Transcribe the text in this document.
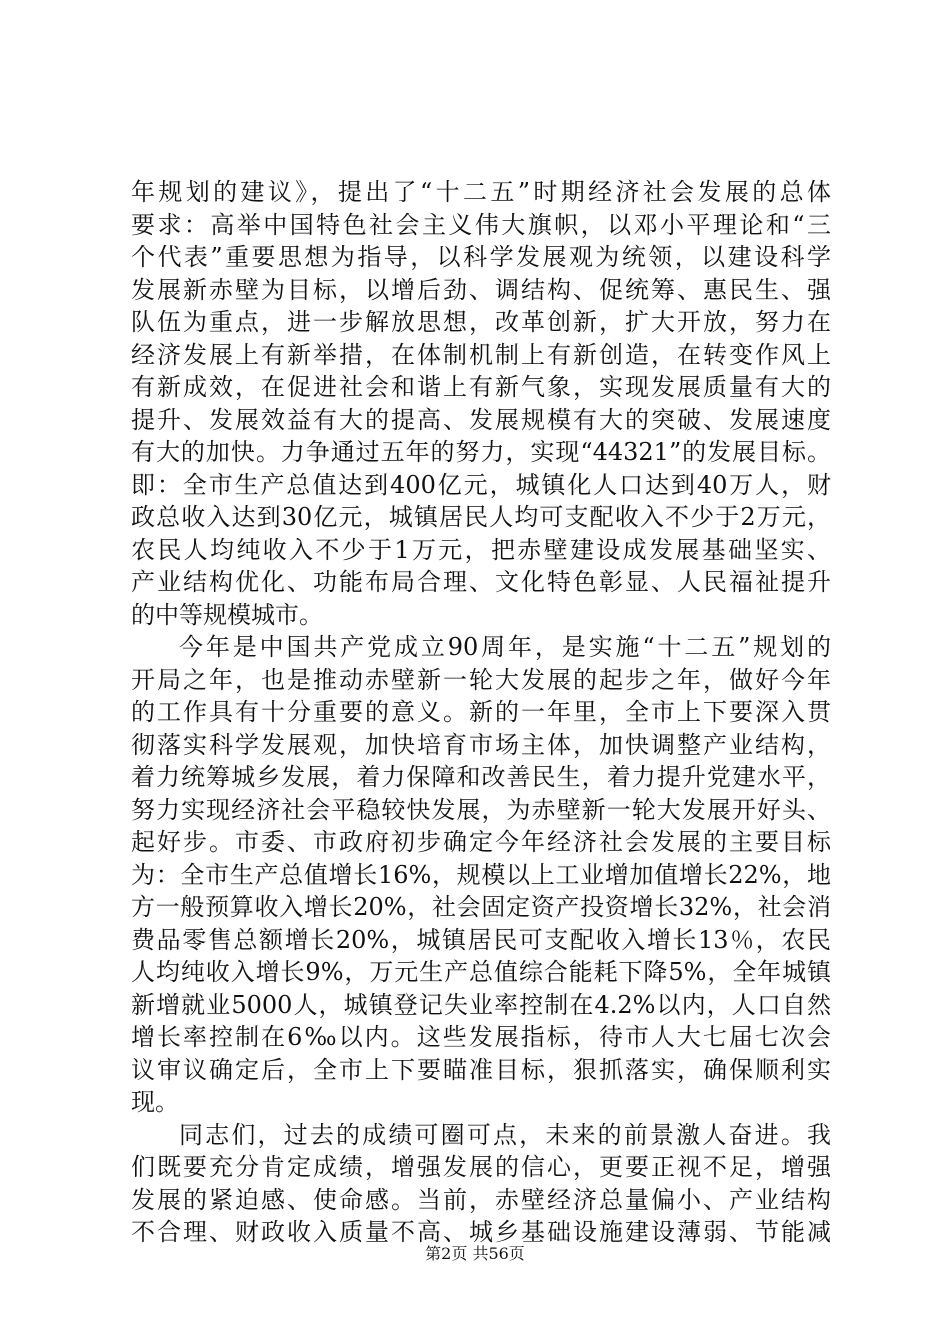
年规划的建议》，提出了“十二五”时期经济社会发展的总体
要求：高举中国特色社会主义伟大旗帜，以邓小平理论和“三
个代表”重要思想为指导，以科学发展观为统领，以建设科学
发展新赤壁为目标，以增后劲、调结构、促统筹、惠民生、强
队伍为重点，进一步解放思想，改革创新，扩大开放，努力在
经济发展上有新举措，在体制机制上有新创造，在转变作风上
有新成效，在促进社会和谐上有新气象，实现发展质量有大的
提升、发展效益有大的提高、发展规模有大的突破、发展速度
有大的加快。力争通过五年的努力，实现“44321”的发展目标。
即：全市生产总值达到400亿元，城镇化人口达到40万人，财
政总收入达到30亿元，城镇居民人均可支配收入不少于2万元，
农民人均纯收入不少于1万元，把赤壁建设成发展基础坚实、
产业结构优化、功能布局合理、文化特色彰显、人民福祉提升
的中等规模城市。
今年是中国共产党成立90周年，是实施“十二五”规划的
开局之年，也是推动赤壁新一轮大发展的起步之年，做好今年
的工作具有十分重要的意义。新的一年里，全市上下要深入贯
彻落实科学发展观，加快培育市场主体，加快调整产业结构，
着力统筹城乡发展，着力保障和改善民生，着力提升党建水平，
努力实现经济社会平稳较快发展，为赤壁新一轮大发展开好头、
起好步。市委、市政府初步确定今年经济社会发展的主要目标
为：全市生产总值增长16%，规模以上工业增加值增长22%，地
方一般预算收入增长20%，社会固定资产投资增长32%，社会消
费品零售总额增长20%，城镇居民可支配收入增长13％，农民
人均纯收入增长9%，万元生产总值综合能耗下降5%，全年城镇
新增就业5000人，城镇登记失业率控制在4.2%以内，人口自然
增长率控制在6‰以内。这些发展指标，待市人大七届七次会
议审议确定后，全市上下要瞄准目标，狠抓落实，确保顺利实
现。
同志们，过去的成绩可圈可点，未来的前景激人奋进。我
们既要充分肯定成绩，增强发展的信心，更要正视不足，增强
发展的紧迫感、使命感。当前，赤壁经济总量偏小、产业结构
不合理、财政收入质量不高、城乡基础设施建设薄弱、节能减
第2页 共56页
